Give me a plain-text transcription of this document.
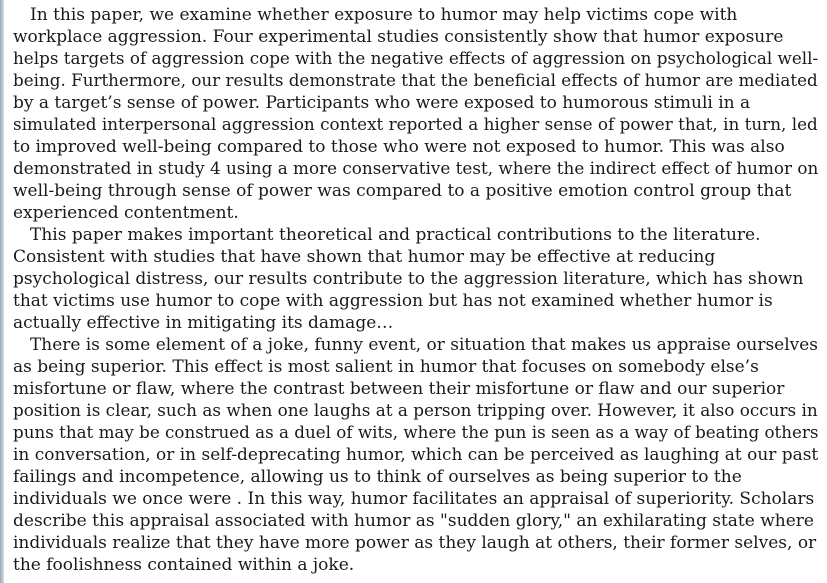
In this paper, we examine whether exposure to humor may help victims cope with
workplace aggression. Four experimental studies consistently show that humor exposure
helps targets of aggression cope with the negative effects of aggression on psychological well-
being. Furthermore, our results demonstrate that the beneficial effects of humor are mediated
by a target’s sense of power. Participants who were exposed to humorous stimuli in a
simulated interpersonal aggression context reported a higher sense of power that, in turn, led
to improved well-being compared to those who were not exposed to humor. This was also
demonstrated in study 4 using a more conservative test, where the indirect effect of humor on
well-being through sense of power was compared to a positive emotion control group that
experienced contentment.
This paper makes important theoretical and practical contributions to the literature.
Consistent with studies that have shown that humor may be effective at reducing
psychological distress, our results contribute to the aggression literature, which has shown
that victims use humor to cope with aggression but has not examined whether humor is
actually effective in mitigating its damage…
There is some element of a joke, funny event, or situation that makes us appraise ourselves
as being superior. This effect is most salient in humor that focuses on somebody else’s
misfortune or flaw, where the contrast between their misfortune or flaw and our superior
position is clear, such as when one laughs at a person tripping over. However, it also occurs in
puns that may be construed as a duel of wits, where the pun is seen as a way of beating others
in conversation, or in self-deprecating humor, which can be perceived as laughing at our past
failings and incompetence, allowing us to think of ourselves as being superior to the
individuals we once were . In this way, humor facilitates an appraisal of superiority. Scholars
describe this appraisal associated with humor as "sudden glory," an exhilarating state where
individuals realize that they have more power as they laugh at others, their former selves, or
the foolishness contained within a joke.
